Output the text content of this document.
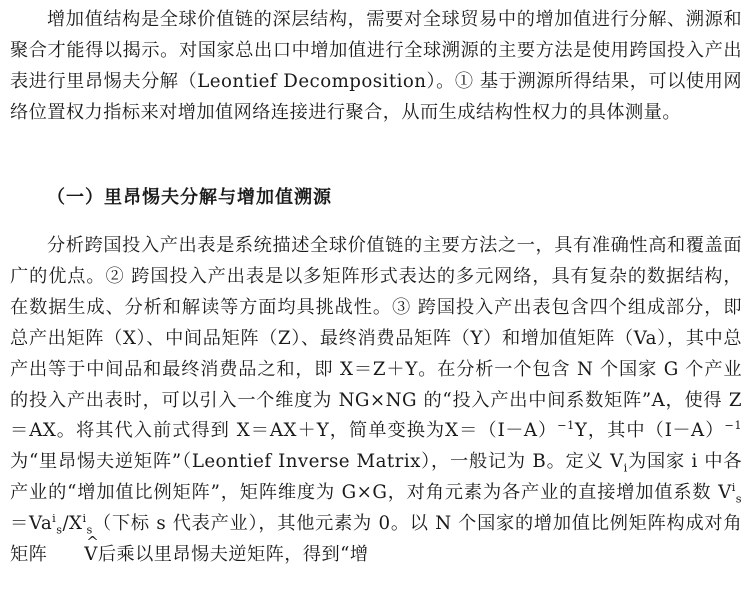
增加值结构是全球价值链的深层结构，需要对全球贸易中的增加值进行分解、溯源和聚合才能得以揭示。对国家总出口中增加值进行全球溯源的主要方法是使用跨国投入产出表进行里昂惕夫分解（Leontief Decomposition）。① 基于溯源所得结果，可以使用网络位置权力指标来对增加值网络连接进行聚合，从而生成结构性权力的具体测量。

（一）里昂惕夫分解与增加值溯源

分析跨国投入产出表是系统描述全球价值链的主要方法之一，具有准确性高和覆盖面广的优点。② 跨国投入产出表是以多矩阵形式表达的多元网络，具有复杂的数据结构，在数据生成、分析和解读等方面均具挑战性。③ 跨国投入产出表包含四个组成部分，即总产出矩阵（X）、中间品矩阵（Z）、最终消费品矩阵（Y）和增加值矩阵（Va），其中总产出等于中间品和最终消费品之和，即 X＝Z＋Y。在分析一个包含 N 个国家 G 个产业的投入产出表时，可以引入一个维度为 NG×NG 的“投入产出中间系数矩阵”A，使得 Z＝AX。将其代入前式得到 X＝AX＋Y，简单变换为$X=(I-A)^{-1}Y$，其中$(I-A)^{-1}$为“里昂惕夫逆矩阵”（Leontief Inverse Matrix），一般记为 B。定义 $V_i$为国家 i 中各产业的“增加值比例矩阵”，矩阵维度为 G×G，对角元素为各产业的直接增加值系数 $V^i_s=Va^i_s/X^i_s$（下标 s 代表产业），其他元素为 0。以 N 个国家的增加值比例矩阵构成对角矩阵^ V后乘以里昂惕夫逆矩阵，得到“增
